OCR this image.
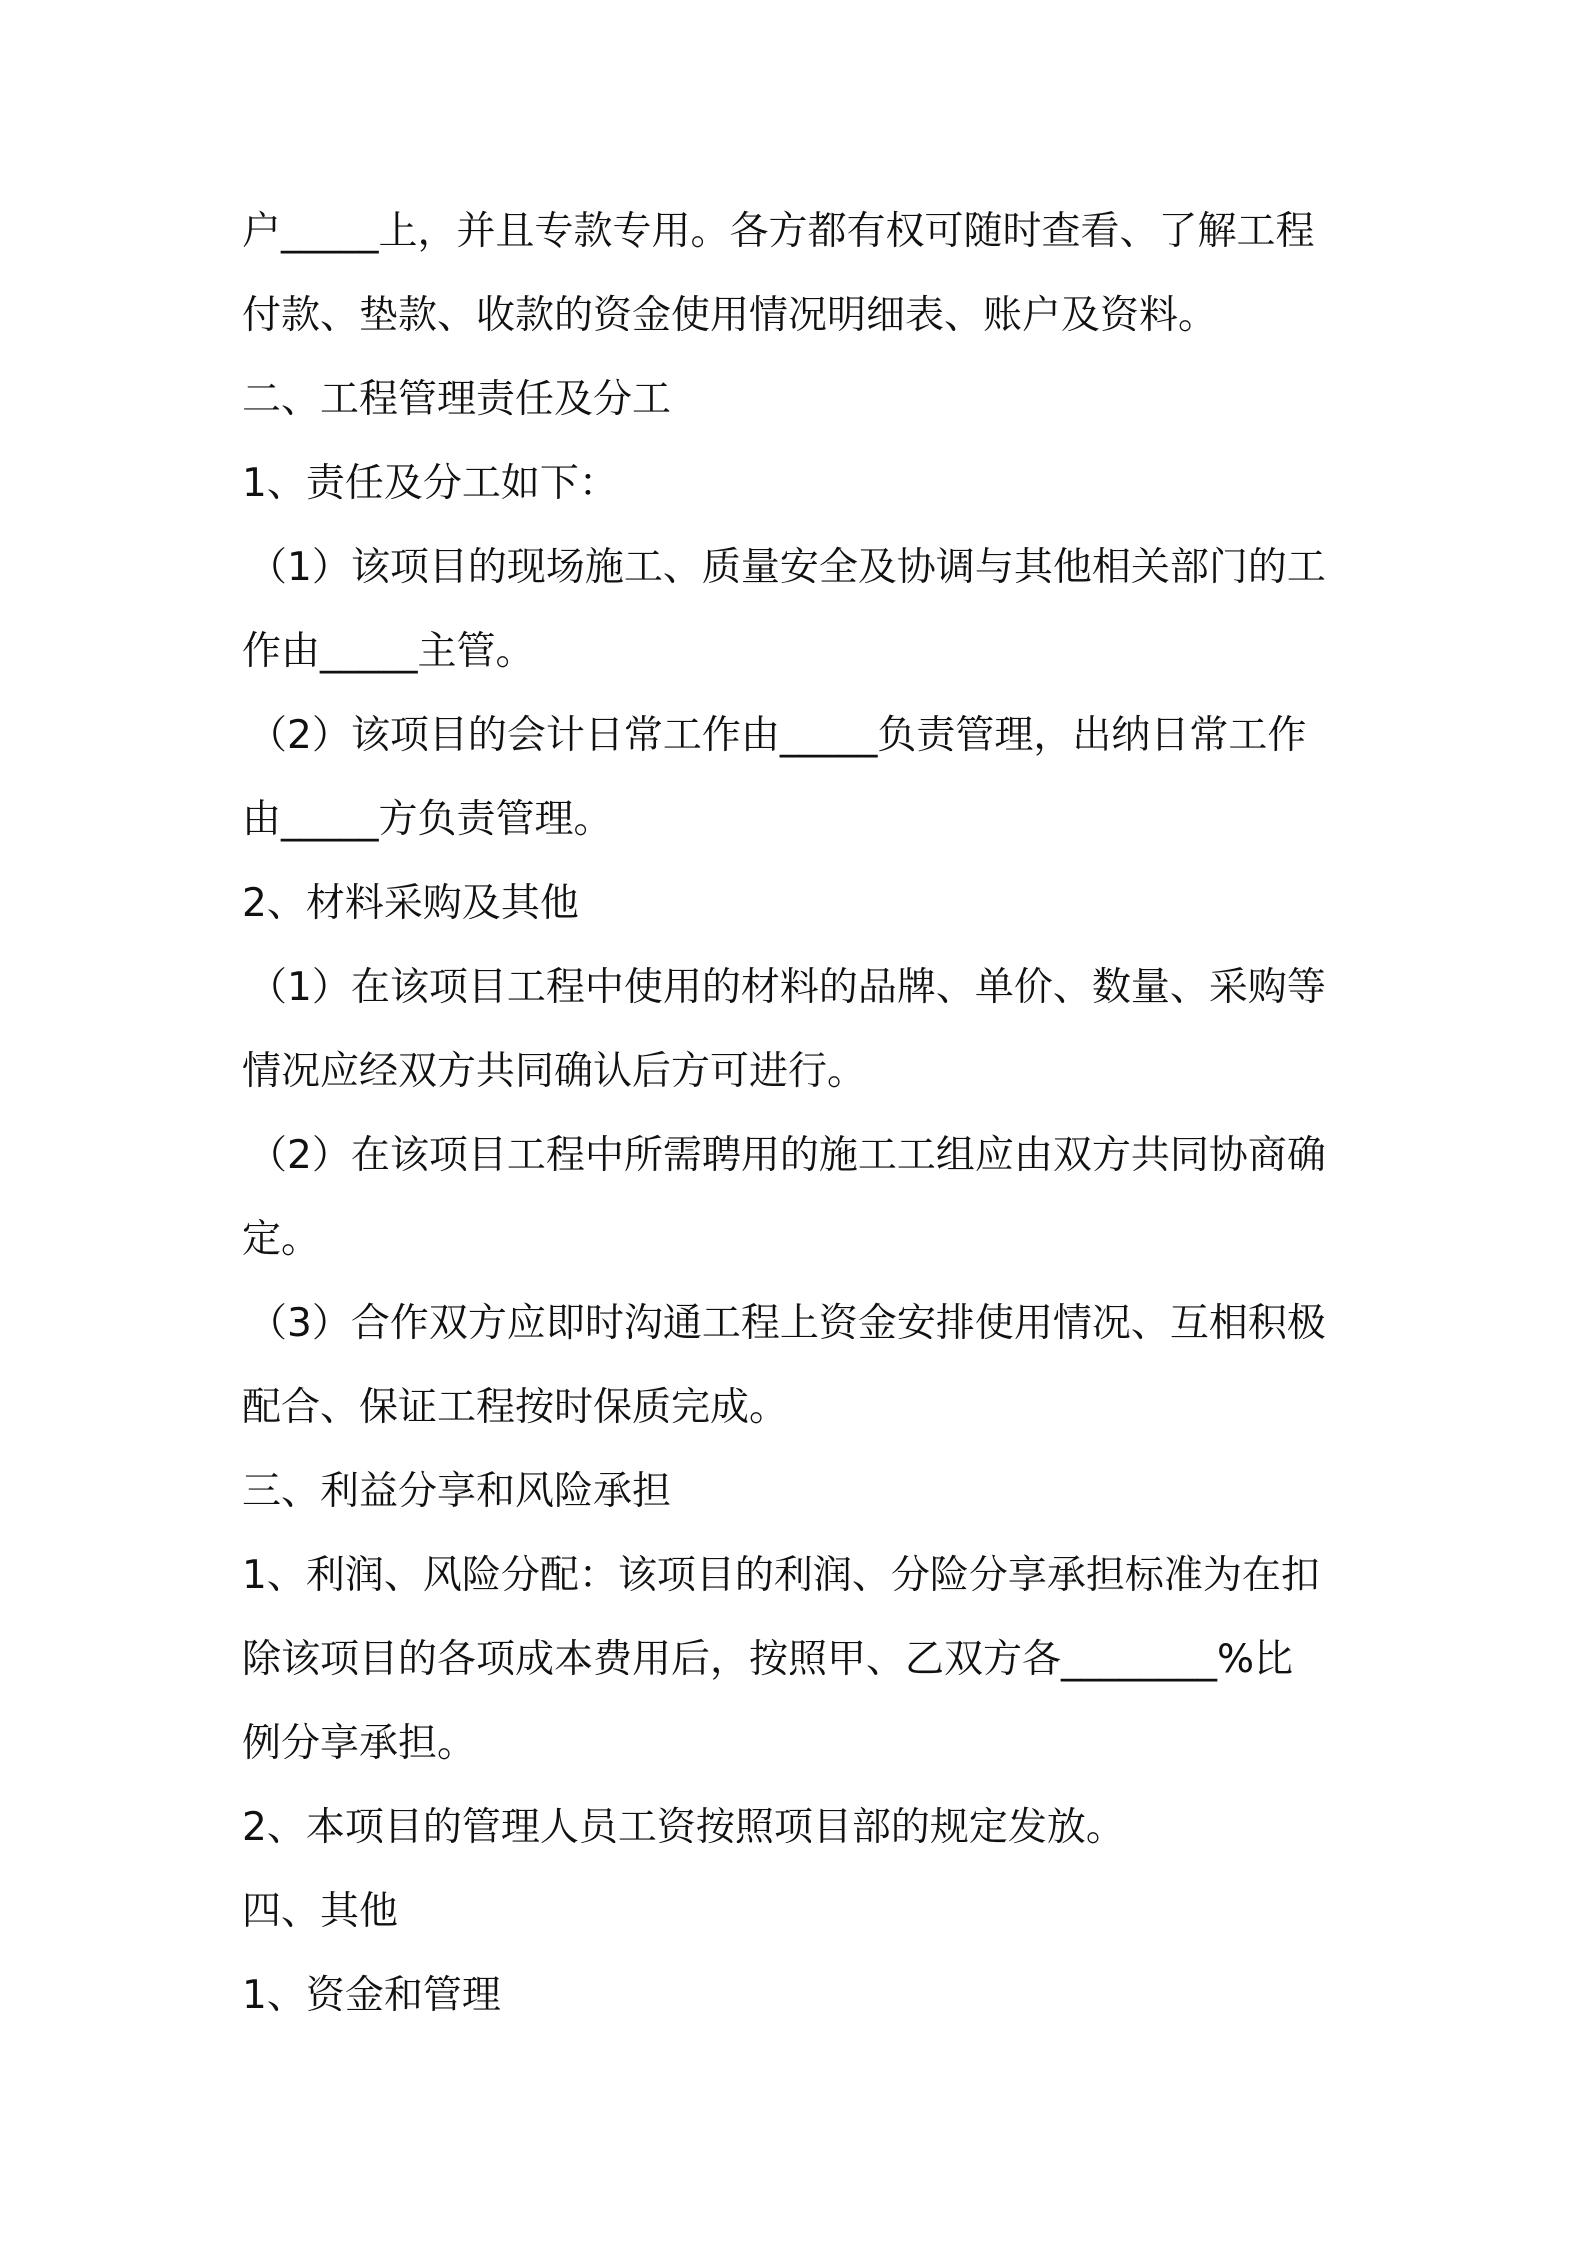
户_____上，并且专款专用。各方都有权可随时查看、了解工程
付款、垫款、收款的资金使用情况明细表、账户及资料。
二、工程管理责任及分工
1、责任及分工如下：
（1）该项目的现场施工、质量安全及协调与其他相关部门的工
作由_____主管。
（2）该项目的会计日常工作由_____负责管理，出纳日常工作
由_____方负责管理。
2、材料采购及其他
（1）在该项目工程中使用的材料的品牌、单价、数量、采购等
情况应经双方共同确认后方可进行。
（2）在该项目工程中所需聘用的施工工组应由双方共同协商确
定。
（3）合作双方应即时沟通工程上资金安排使用情况、互相积极
配合、保证工程按时保质完成。
三、利益分享和风险承担
1、利润、风险分配：该项目的利润、分险分享承担标准为在扣
除该项目的各项成本费用后，按照甲、乙双方各________%比
例分享承担。
2、本项目的管理人员工资按照项目部的规定发放。
四、其他
1、资金和管理
